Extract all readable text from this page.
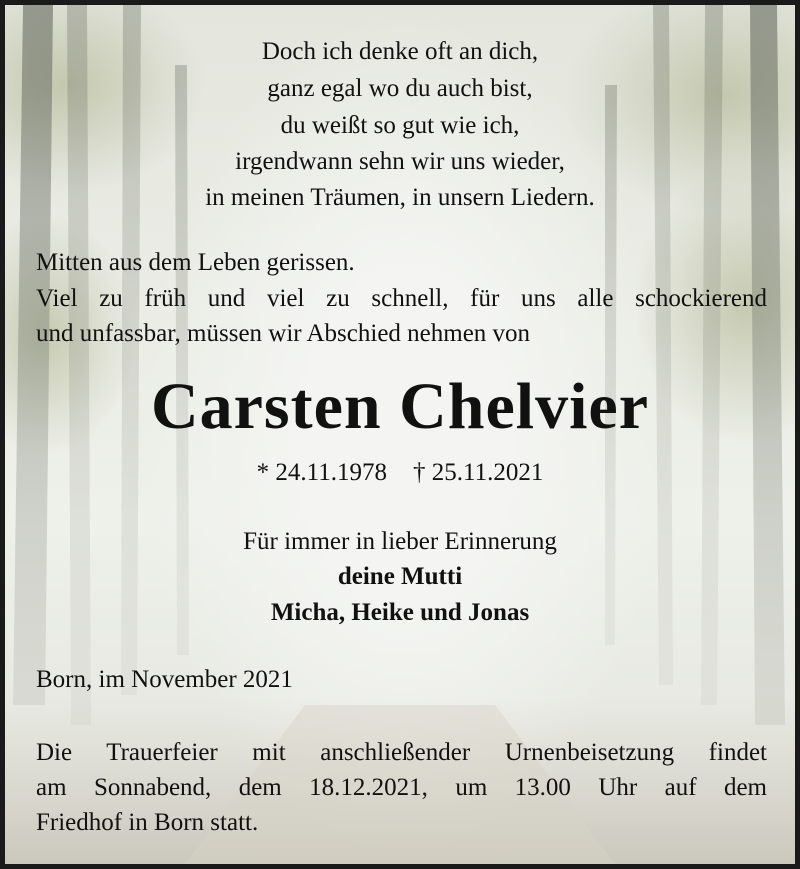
Doch ich denke oft an dich,
ganz egal wo du auch bist,
du weißt so gut wie ich,
irgendwann sehn wir uns wieder,
in meinen Träumen, in unsern Liedern.
Mitten aus dem Leben gerissen.
Viel zu früh und viel zu schnell, für uns alle schockierend
und unfassbar, müssen wir Abschied nehmen von
Carsten Chelvier
* 24.11.1978 † 25.11.2021
Für immer in lieber Erinnerung
deine Mutti
Micha, Heike und Jonas
Born, im November 2021
Die Trauerfeier mit anschließender Urnenbeisetzung findet
am Sonnabend, dem 18.12.2021, um 13.00 Uhr auf dem
Friedhof in Born statt.
